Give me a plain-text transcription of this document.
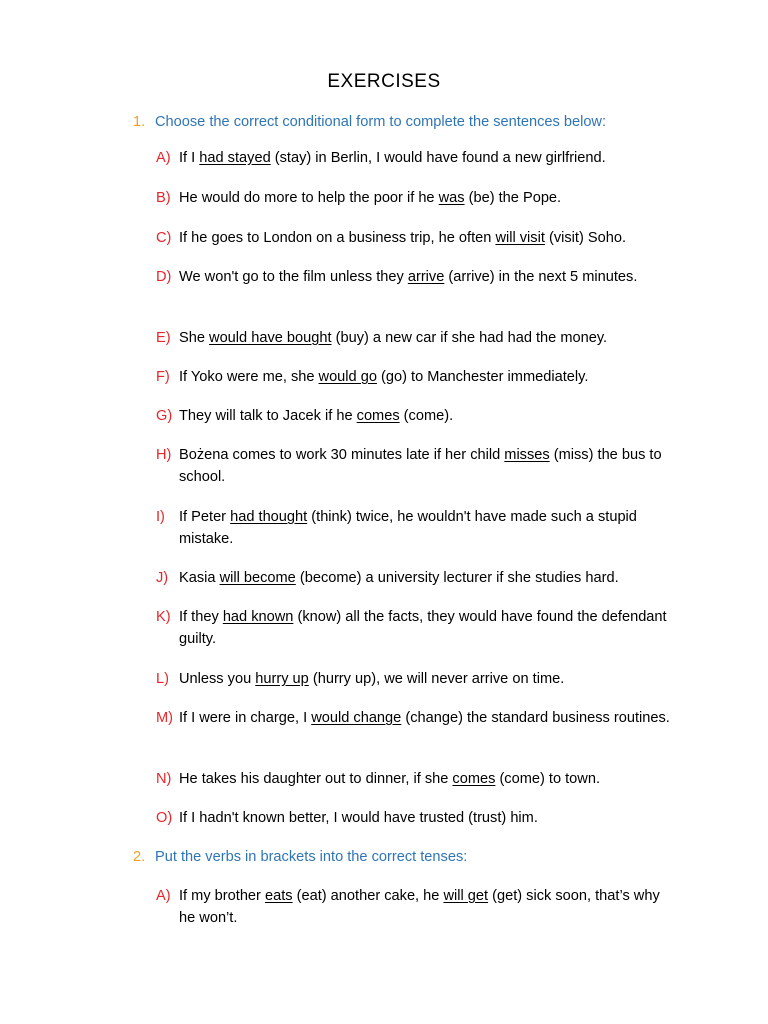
EXERCISES
1. Choose the correct conditional form to complete the sentences below:
A) If I had stayed (stay) in Berlin, I would have found a new girlfriend.
B) He would do more to help the poor if he was (be) the Pope.
C) If he goes to London on a business trip, he often will visit (visit) Soho.
D) We won't go to the film unless they arrive (arrive) in the next 5 minutes.
E) She would have bought (buy) a new car if she had had the money.
F) If Yoko were me, she would go (go) to Manchester immediately.
G) They will talk to Jacek if he comes (come).
H) Bożena comes to work 30 minutes late if her child misses (miss) the bus to school.
I) If Peter had thought (think) twice, he wouldn't have made such a stupid mistake.
J) Kasia will become (become) a university lecturer if she studies hard.
K) If they had known (know) all the facts, they would have found the defendant guilty.
L) Unless you hurry up (hurry up), we will never arrive on time.
M) If I were in charge, I would change (change) the standard business routines.
N) He takes his daughter out to dinner, if she comes (come) to town.
O) If I hadn't known better, I would have trusted (trust) him.
2. Put the verbs in brackets into the correct tenses:
A) If my brother eats (eat) another cake, he will get (get) sick soon, that’s why he won’t.
